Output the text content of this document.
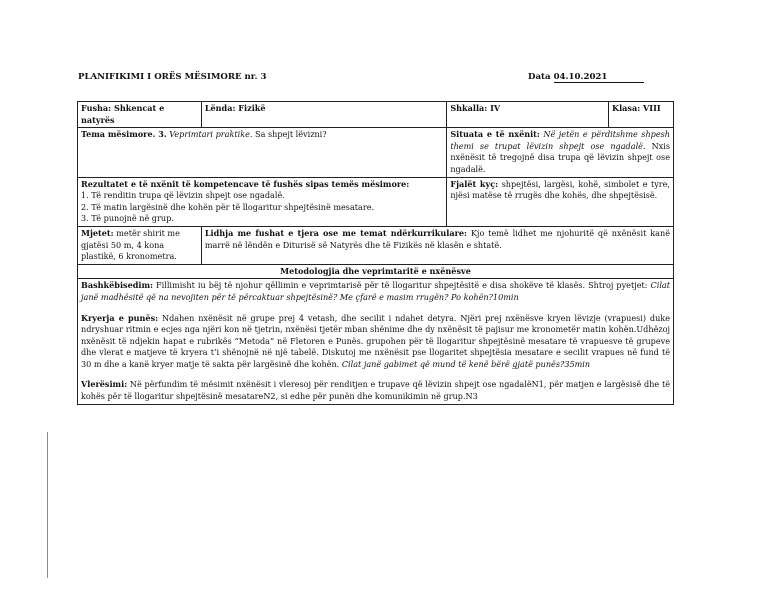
PLANIFIKIMI I ORËS MËSIMORE nr. 3	Data 04.10.2021
Fusha: Shkencat e natyrës	Lënda: Fizikë	Shkalla: IV	Klasa: VIII
Tema mësimore. 3. Veprimtari praktike. Sa shpejt lëvizni?		Situata e të nxënit: Në jetën e përditshme shpesh themi se trupat lëvizin shpejt ose ngadalë. Nxis nxënësit të tregojnë disa trupa që lëvizin shpejt ose ngadalë.	

Rezultatet e të nxënit të kompetencave të fushës sipas temës mësimore:
1. Të renditin trupa që lëvizin shpejt ose ngadalë.
2. Të matin largësinë dhe kohën për të llogaritur shpejtësinë mesatare.
3. Të punojnë në grup.		Fjalët kyç: shpejtësi, largësi, kohë, simbolet e tyre, njësi matëse të rrugës dhe kohës, dhe shpejtësisë.	
Mjetet: metër shirit me gjatësi 50 m, 4 kona plastikë, 6 kronometra.	Lidhja me fushat e tjera ose me temat ndërkurrikulare: Kjo temë lidhet me njohuritë që nxënësit kanë marrë në lëndën e Diturisë së Natyrës dhe të Fizikës në klasën e shtatë.		
Metodologjia dhe veprimtaritë e nxënësve			

Bashkëbisedim: Fillimisht iu bëj të njohur qëllimin e veprimtarisë për të llogaritur shpejtësitë e disa shokëve të klasës. Shtroj pyetjet: Cilat janë madhësitë që na nevojiten për të përcaktuar shpejtësinë? Me çfarë e masim rrugën? Po kohën?10min
Kryerja e punës: Ndahen nxënësit në grupe prej 4 vetash, dhe secilit i ndahet detyra. Njëri prej nxënësve kryen lëvizje (vrapuesi) duke ndryshuar ritmin e ecjes nga njëri kon në tjetrin, nxënësi tjetër mban shënime dhe dy nxënësit të pajisur me kronometër matin kohën.Udhëzoj nxënësit të ndjekin hapat e rubrikës “Metoda” në Fletoren e Punës. grupohen për të llogaritur shpejtësinë mesatare të vrapuesve të grupeve dhe vlerat e matjeve të kryera t’i shënojnë në një tabelë. Diskutoj me nxënësit pse llogaritet shpejtësia mesatare e secilit vrapues në fund të 30 m dhe a kanë kryer matje të sakta për largësinë dhe kohën. Cilat janë gabimet që mund të kenë bërë gjatë punës?35min
Vlerësimi: Në përfundim të mësimit nxënësit i vleresoj për renditjen e trupave që lëvizin shpejt ose ngadalëN1, për matjen e largësisë dhe të kohës për të llogaritur shpejtësinë mesatareN2, si edhe për punën dhe komunikimin në grup.N3			
